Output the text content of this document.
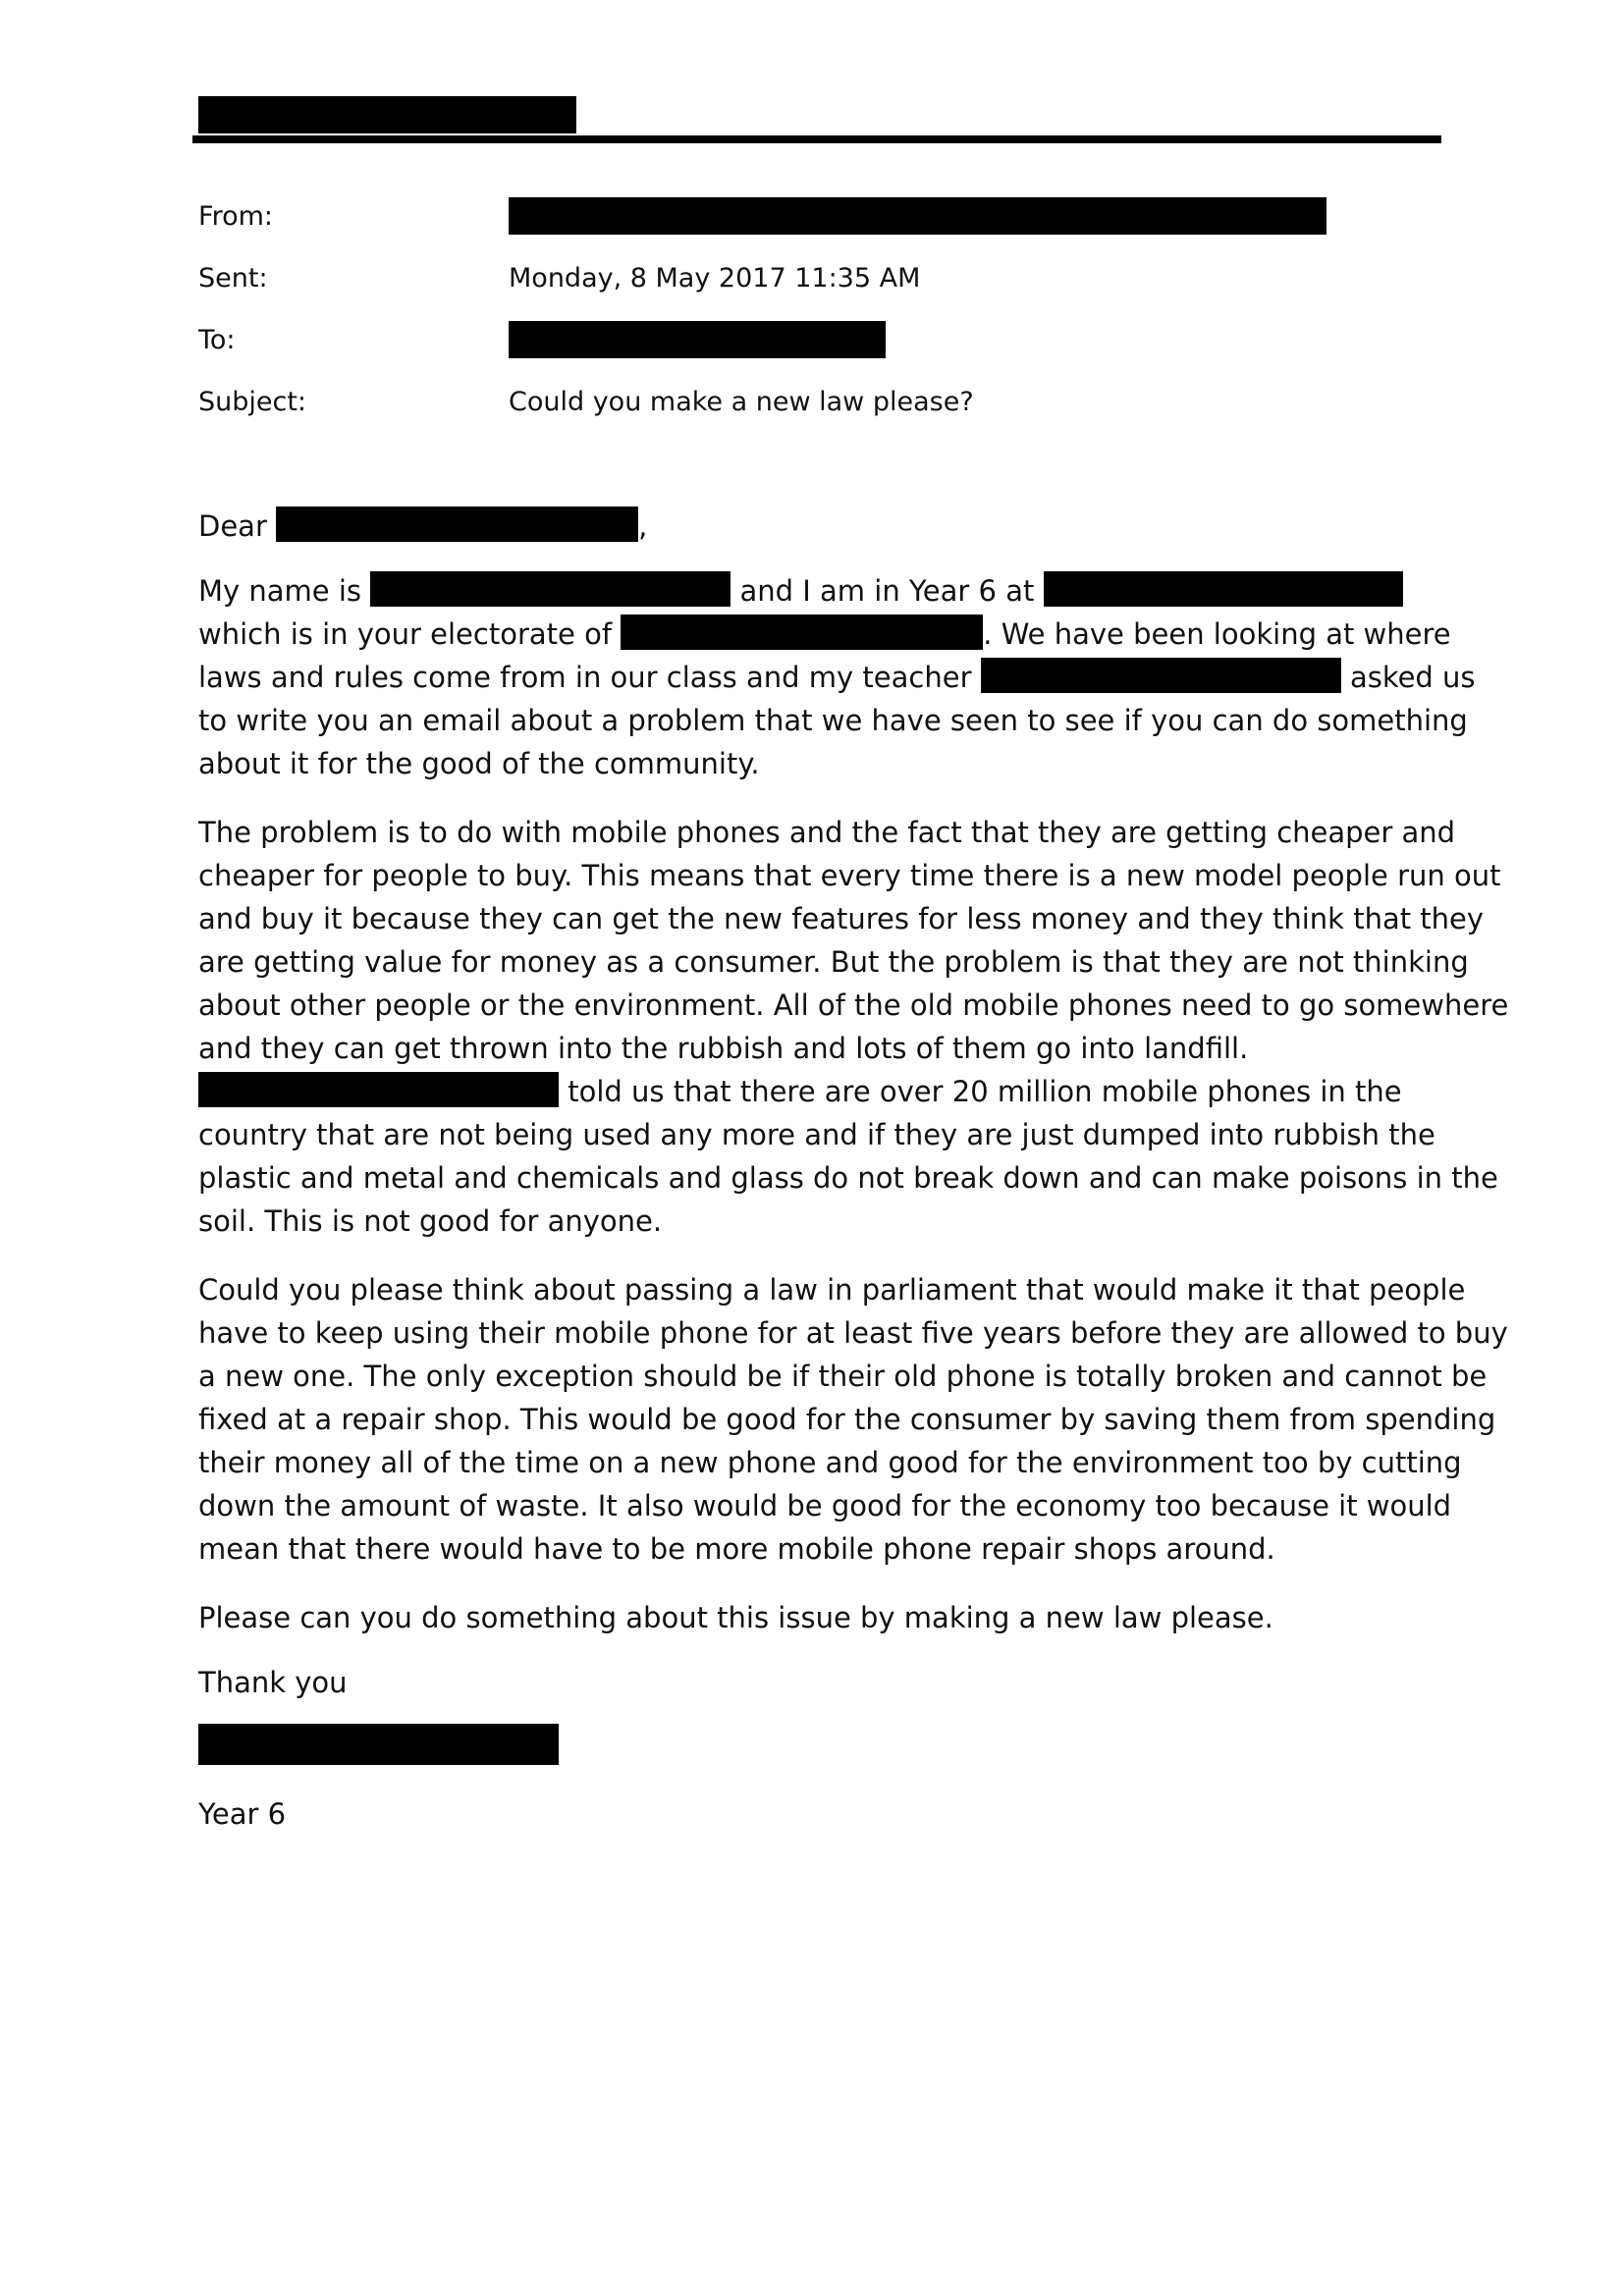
From:
Sent:	Monday, 8 May 2017 11:35 AM
To:
Subject:	Could you make a new law please?

Dear	,

My name is	and I am in Year 6 at

which is in your electorate of	. We have been looking at where

laws and rules come from in our class and my teacher	asked us

to write you an email about a problem that we have seen to see if you can do something

about it for the good of the community.

The problem is to do with mobile phones and the fact that they are getting cheaper and

cheaper for people to buy. This means that every time there is a new model people run out

and buy it because they can get the new features for less money and they think that they

are getting value for money as a consumer. But the problem is that they are not thinking

about other people or the environment. All of the old mobile phones need to go somewhere

and they can get thrown into the rubbish and lots of them go into landfill.

told us that there are over 20 million mobile phones in the

country that are not being used any more and if they are just dumped into rubbish the

plastic and metal and chemicals and glass do not break down and can make poisons in the

soil. This is not good for anyone.

Could you please think about passing a law in parliament that would make it that people

have to keep using their mobile phone for at least five years before they are allowed to buy

a new one. The only exception should be if their old phone is totally broken and cannot be

fixed at a repair shop. This would be good for the consumer by saving them from spending

their money all of the time on a new phone and good for the environment too by cutting

down the amount of waste. It also would be good for the economy too because it would

mean that there would have to be more mobile phone repair shops around.

Please can you do something about this issue by making a new law please.

Thank you

Year 6
